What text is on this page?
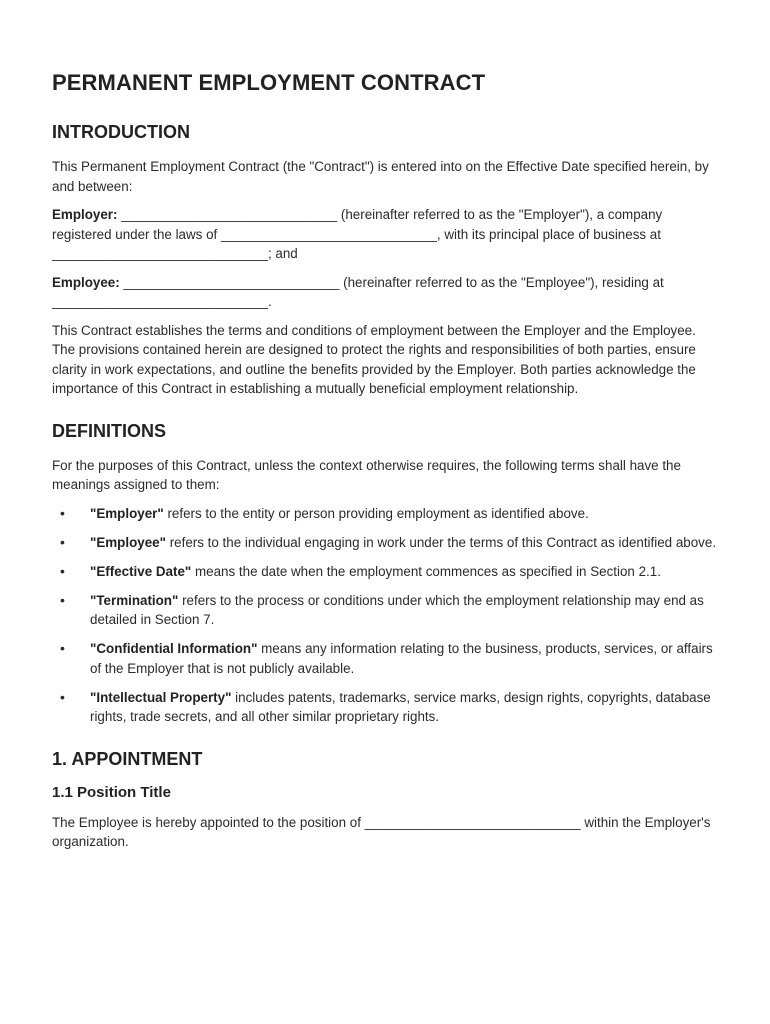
PERMANENT EMPLOYMENT CONTRACT
INTRODUCTION

This Permanent Employment Contract (the "Contract") is entered into on the Effective Date specified herein, by and between:

Employer: _____________________________ (hereinafter referred to as the "Employer"), a company registered under the laws of _____________________________, with its principal place of business at _____________________________; and

Employee: _____________________________ (hereinafter referred to as the "Employee"), residing at _____________________________.

This Contract establishes the terms and conditions of employment between the Employer and the Employee. The provisions contained herein are designed to protect the rights and responsibilities of both parties, ensure clarity in work expectations, and outline the benefits provided by the Employer. Both parties acknowledge the importance of this Contract in establishing a mutually beneficial employment relationship.

DEFINITIONS

For the purposes of this Contract, unless the context otherwise requires, the following terms shall have the meanings assigned to them:

• "Employer" refers to the entity or person providing employment as identified above.
• "Employee" refers to the individual engaging in work under the terms of this Contract as identified above.
• "Effective Date" means the date when the employment commences as specified in Section 2.1.
• "Termination" refers to the process or conditions under which the employment relationship may end as detailed in Section 7.
• "Confidential Information" means any information relating to the business, products, services, or affairs of the Employer that is not publicly available.
• "Intellectual Property" includes patents, trademarks, service marks, design rights, copyrights, database rights, trade secrets, and all other similar proprietary rights.
1. APPOINTMENT
1.1 Position Title

The Employee is hereby appointed to the position of _____________________________ within the Employer's organization.
